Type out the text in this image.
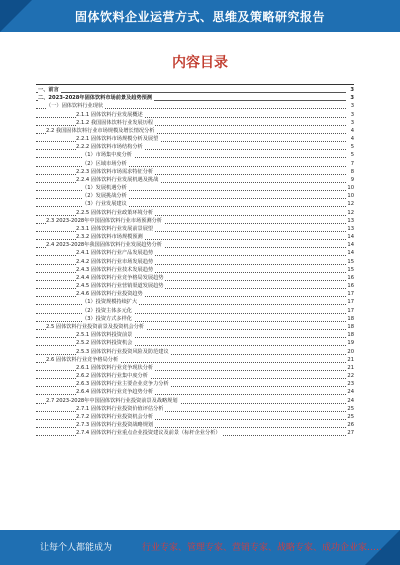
固体饮料企业运营方式、思维及策略研究报告
内容目录
一、前言	3
二、2023-2028年固体饮料市场前景及趋势预测	3
（一）固体饮料行业现状	3
2.1.1 固体饮料行业发展概述	3
2.1.2 我国固体饮料行业发展历程	3
2.2 我国固体饮料行业市场规模及增长情况分析	4
2.2.1 固体饮料市场规模分析及展望	4
2.2.2 固体饮料市场结构分析	5
（1）市场集中度分析	5
（2）区域市场分析	7
2.2.3 固体饮料市场需求特征分析	8
2.2.4 固体饮料行业发展机遇及挑战	9
（1）发展机遇分析	10
（2）发展挑战分析	10
（3）行业发展建议	12
2.2.5 固体饮料行业政策环境分析	12
2.3 2023-2028年中国固体饮料行业市场预测分析	13
2.3.1 固体饮料行业发展前景展望	13
2.3.2 固体饮料市场规模预测	14
2.4 2023-2028年我国固体饮料行业发展趋势分析	14
2.4.1 固体饮料行业产品发展趋势	14
2.4.2 固体饮料行业市场发展趋势	15
2.4.3 固体饮料行业技术发展趋势	15
2.4.4 固体饮料行业竞争格局发展趋势	16
2.4.5 固体饮料行业营销渠道发展趋势	16
2.4.6 固体饮料行业投资趋势	17
（1）投资规模持续扩大	17
（2）投资主体多元化	17
（3）投资方式多样化	18
2.5 固体饮料行业投资前景及投资机会分析	18
2.5.1 固体饮料投资前景	18
2.5.2 固体饮料投资机会	19
2.5.3 固体饮料行业投资风险及防范建议	20
2.6 固体饮料行业竞争格局分析	21
2.6.1 固体饮料行业竞争现状分析	21
2.6.2 固体饮料行业集中度分析	22
2.6.3 固体饮料行业主要企业竞争力分析	23
2.6.4 固体饮料行业竞争趋势分析	24
2.7 2023-2028年中国固体饮料行业投资前景及战略规划	24
2.7.1 固体饮料行业投资价值评估分析	25
2.7.2 固体饮料行业投资机会分析	25
2.7.3 固体饮料行业投资战略规划	26
2.7.4 固体饮料行业重点企业投资建议及前景（标杆企业分析）	27
让每个人都能成为	行业专家、管理专家、营销专家、战略专家、成功企业家……
